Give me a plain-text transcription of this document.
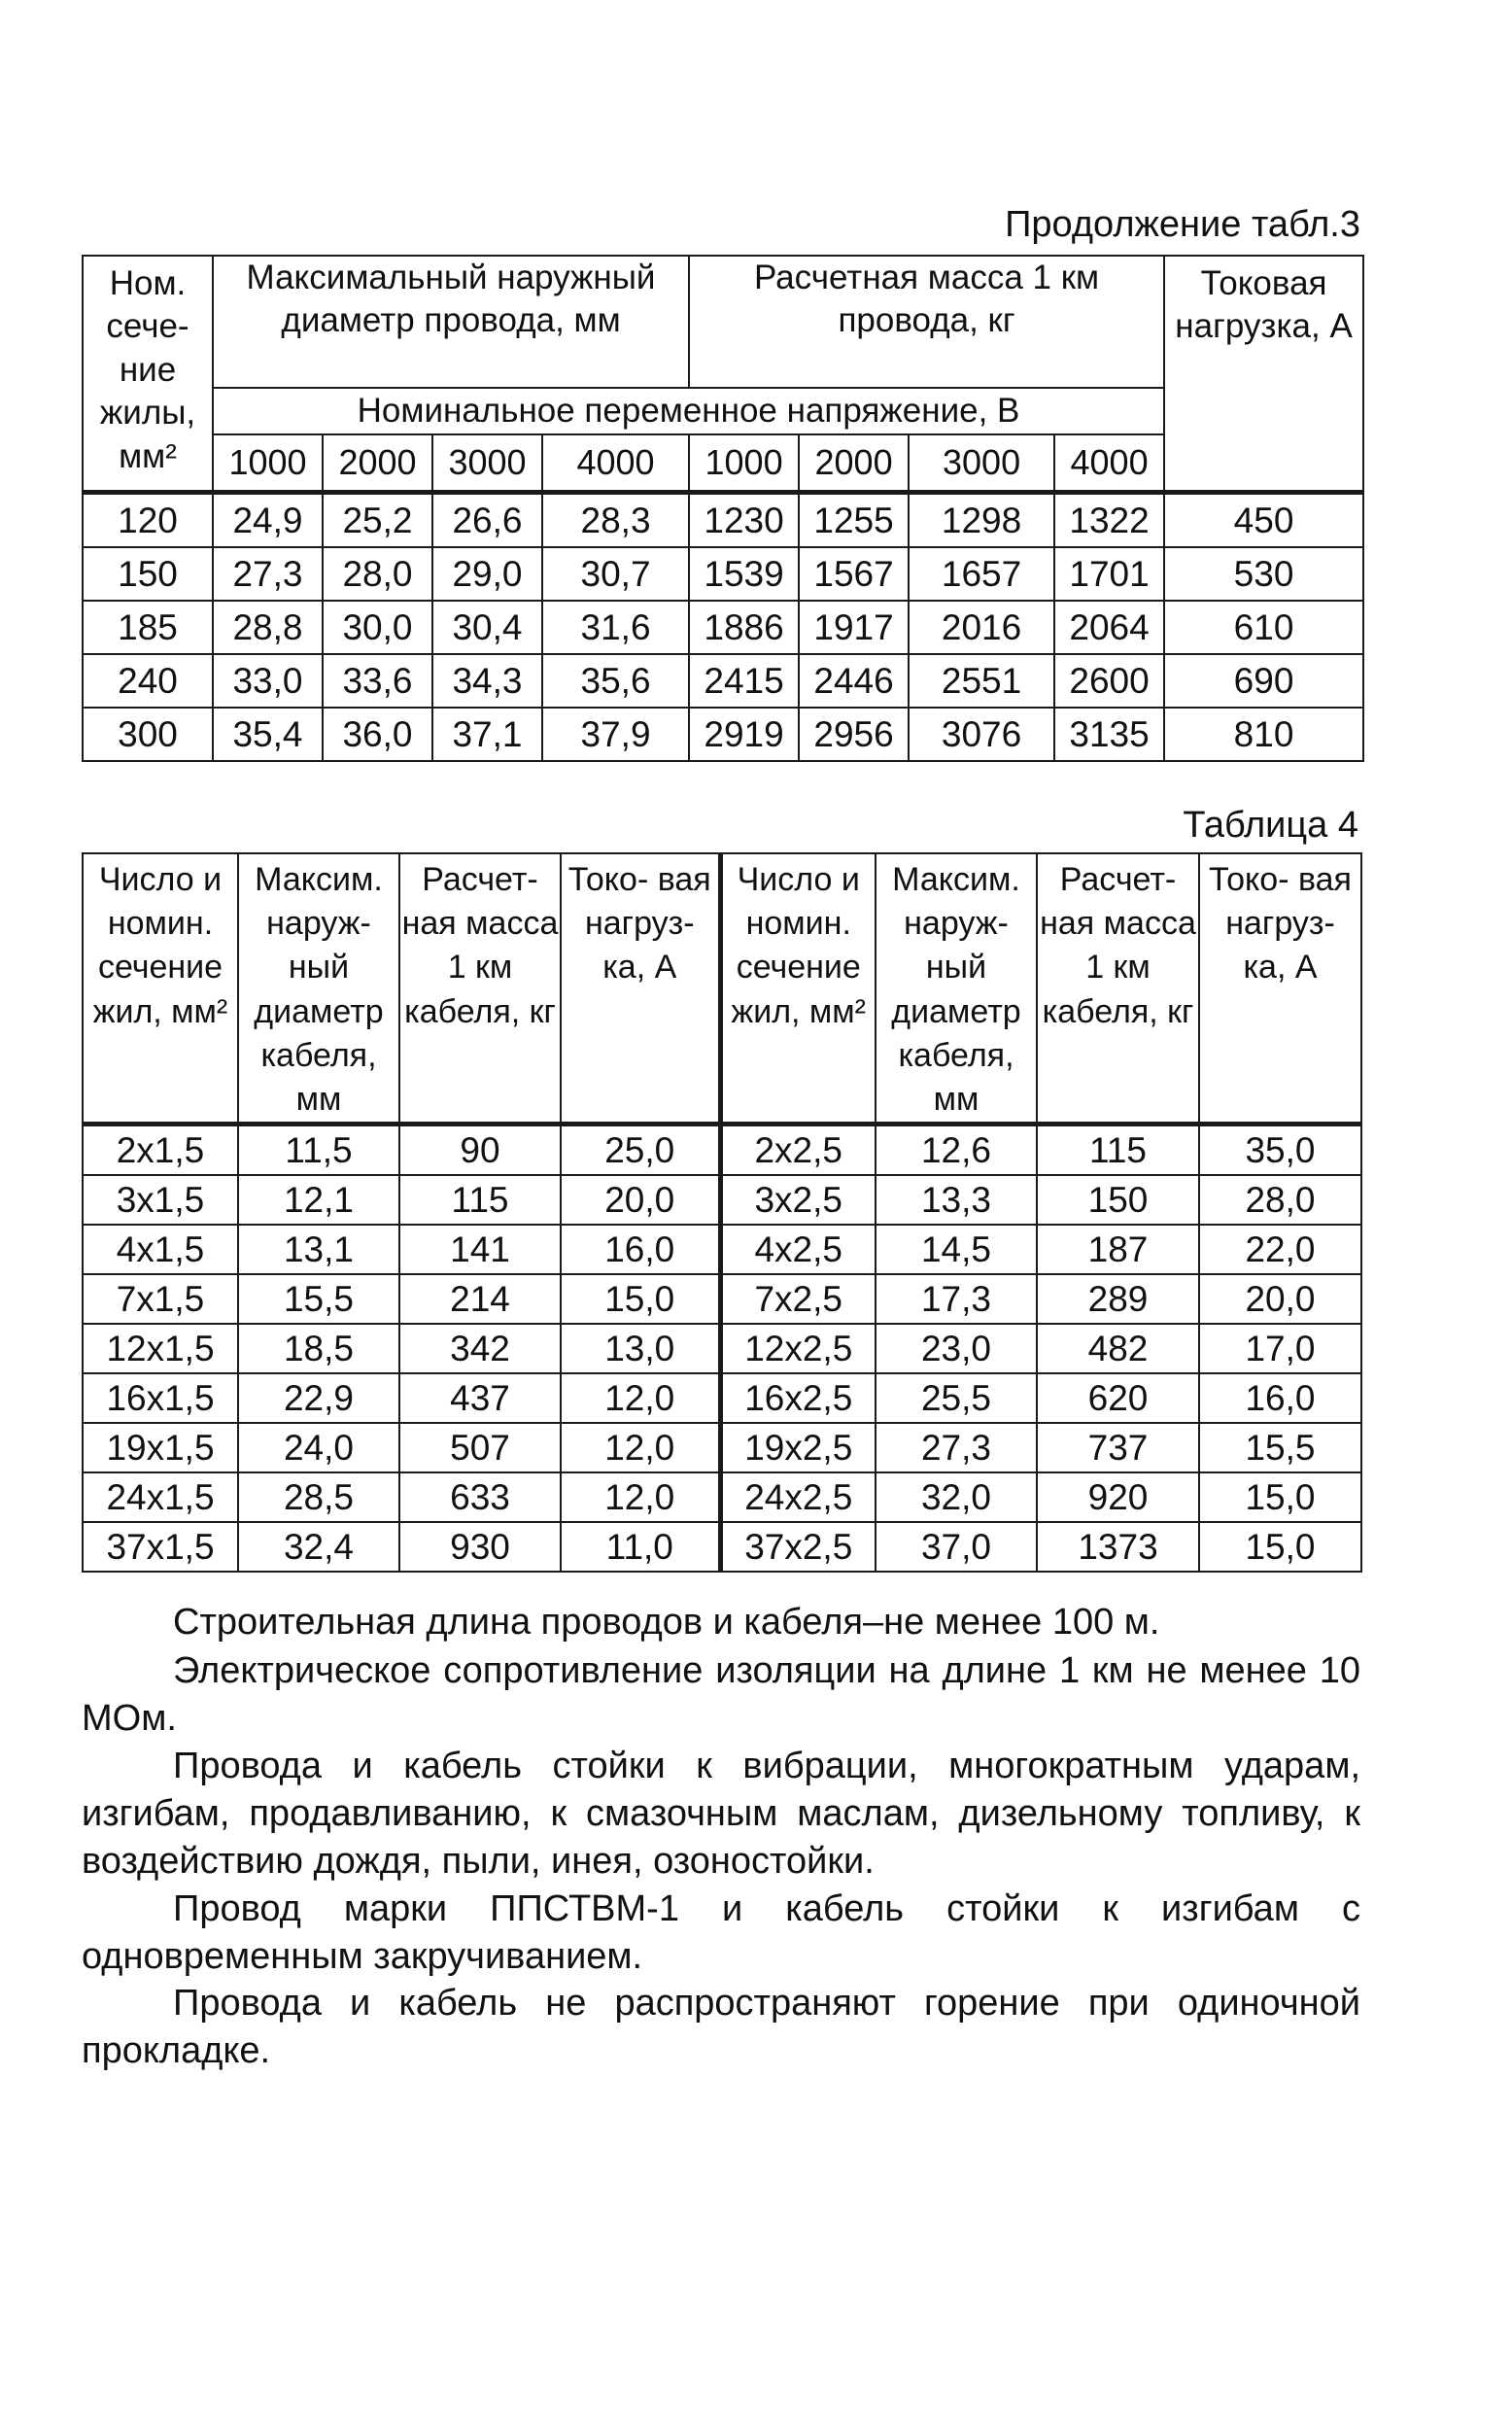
Продолжение табл.3
Ном. сече- ние жилы, мм²	Максимальный наружный диаметр провода, мм				Расчетная масса 1 км провода, кг				Токовая нагрузка, А
	Номинальное переменное напряжение, В								
	1000	2000	3000	4000	1000	2000	3000	4000	
120	24,9	25,2	26,6	28,3	1230	1255	1298	1322	450
150	27,3	28,0	29,0	30,7	1539	1567	1657	1701	530
185	28,8	30,0	30,4	31,6	1886	1917	2016	2064	610
240	33,0	33,6	34,3	35,6	2415	2446	2551	2600	690
300	35,4	36,0	37,1	37,9	2919	2956	3076	3135	810
Таблица 4
Число и номин. сечение жил, мм²	Максим. наруж- ный диаметр кабеля, мм	Расчет- ная масса 1 км кабеля, кг	Токо- вая нагруз- ка, А	Число и номин. сечение жил, мм²	Максим. наруж- ный диаметр кабеля, мм	Расчет- ная масса 1 км кабеля, кг	Токо- вая нагруз- ка, А
2x1,5	11,5	90	25,0	2x2,5	12,6	115	35,0
3x1,5	12,1	115	20,0	3x2,5	13,3	150	28,0
4x1,5	13,1	141	16,0	4x2,5	14,5	187	22,0
7x1,5	15,5	214	15,0	7x2,5	17,3	289	20,0
12x1,5	18,5	342	13,0	12x2,5	23,0	482	17,0
16x1,5	22,9	437	12,0	16x2,5	25,5	620	16,0
19x1,5	24,0	507	12,0	19x2,5	27,3	737	15,5
24x1,5	28,5	633	12,0	24x2,5	32,0	920	15,0
37x1,5	32,4	930	11,0	37x2,5	37,0	1373	15,0

Строительная длина проводов и кабеля–не менее 100 м.

Электрическое сопротивление изоляции на длине 1 км не менее 10 МОм.

Провода и кабель стойки к вибрации, многократным ударам, изгибам, продавливанию, к смазочным маслам, дизельному топливу, к воздействию дождя, пыли, инея, озоностойки.

Провод марки ППСТВМ-1 и кабель стойки к изгибам с одновременным закручиванием.

Провода и кабель не распространяют горение при одиночной прокладке.
